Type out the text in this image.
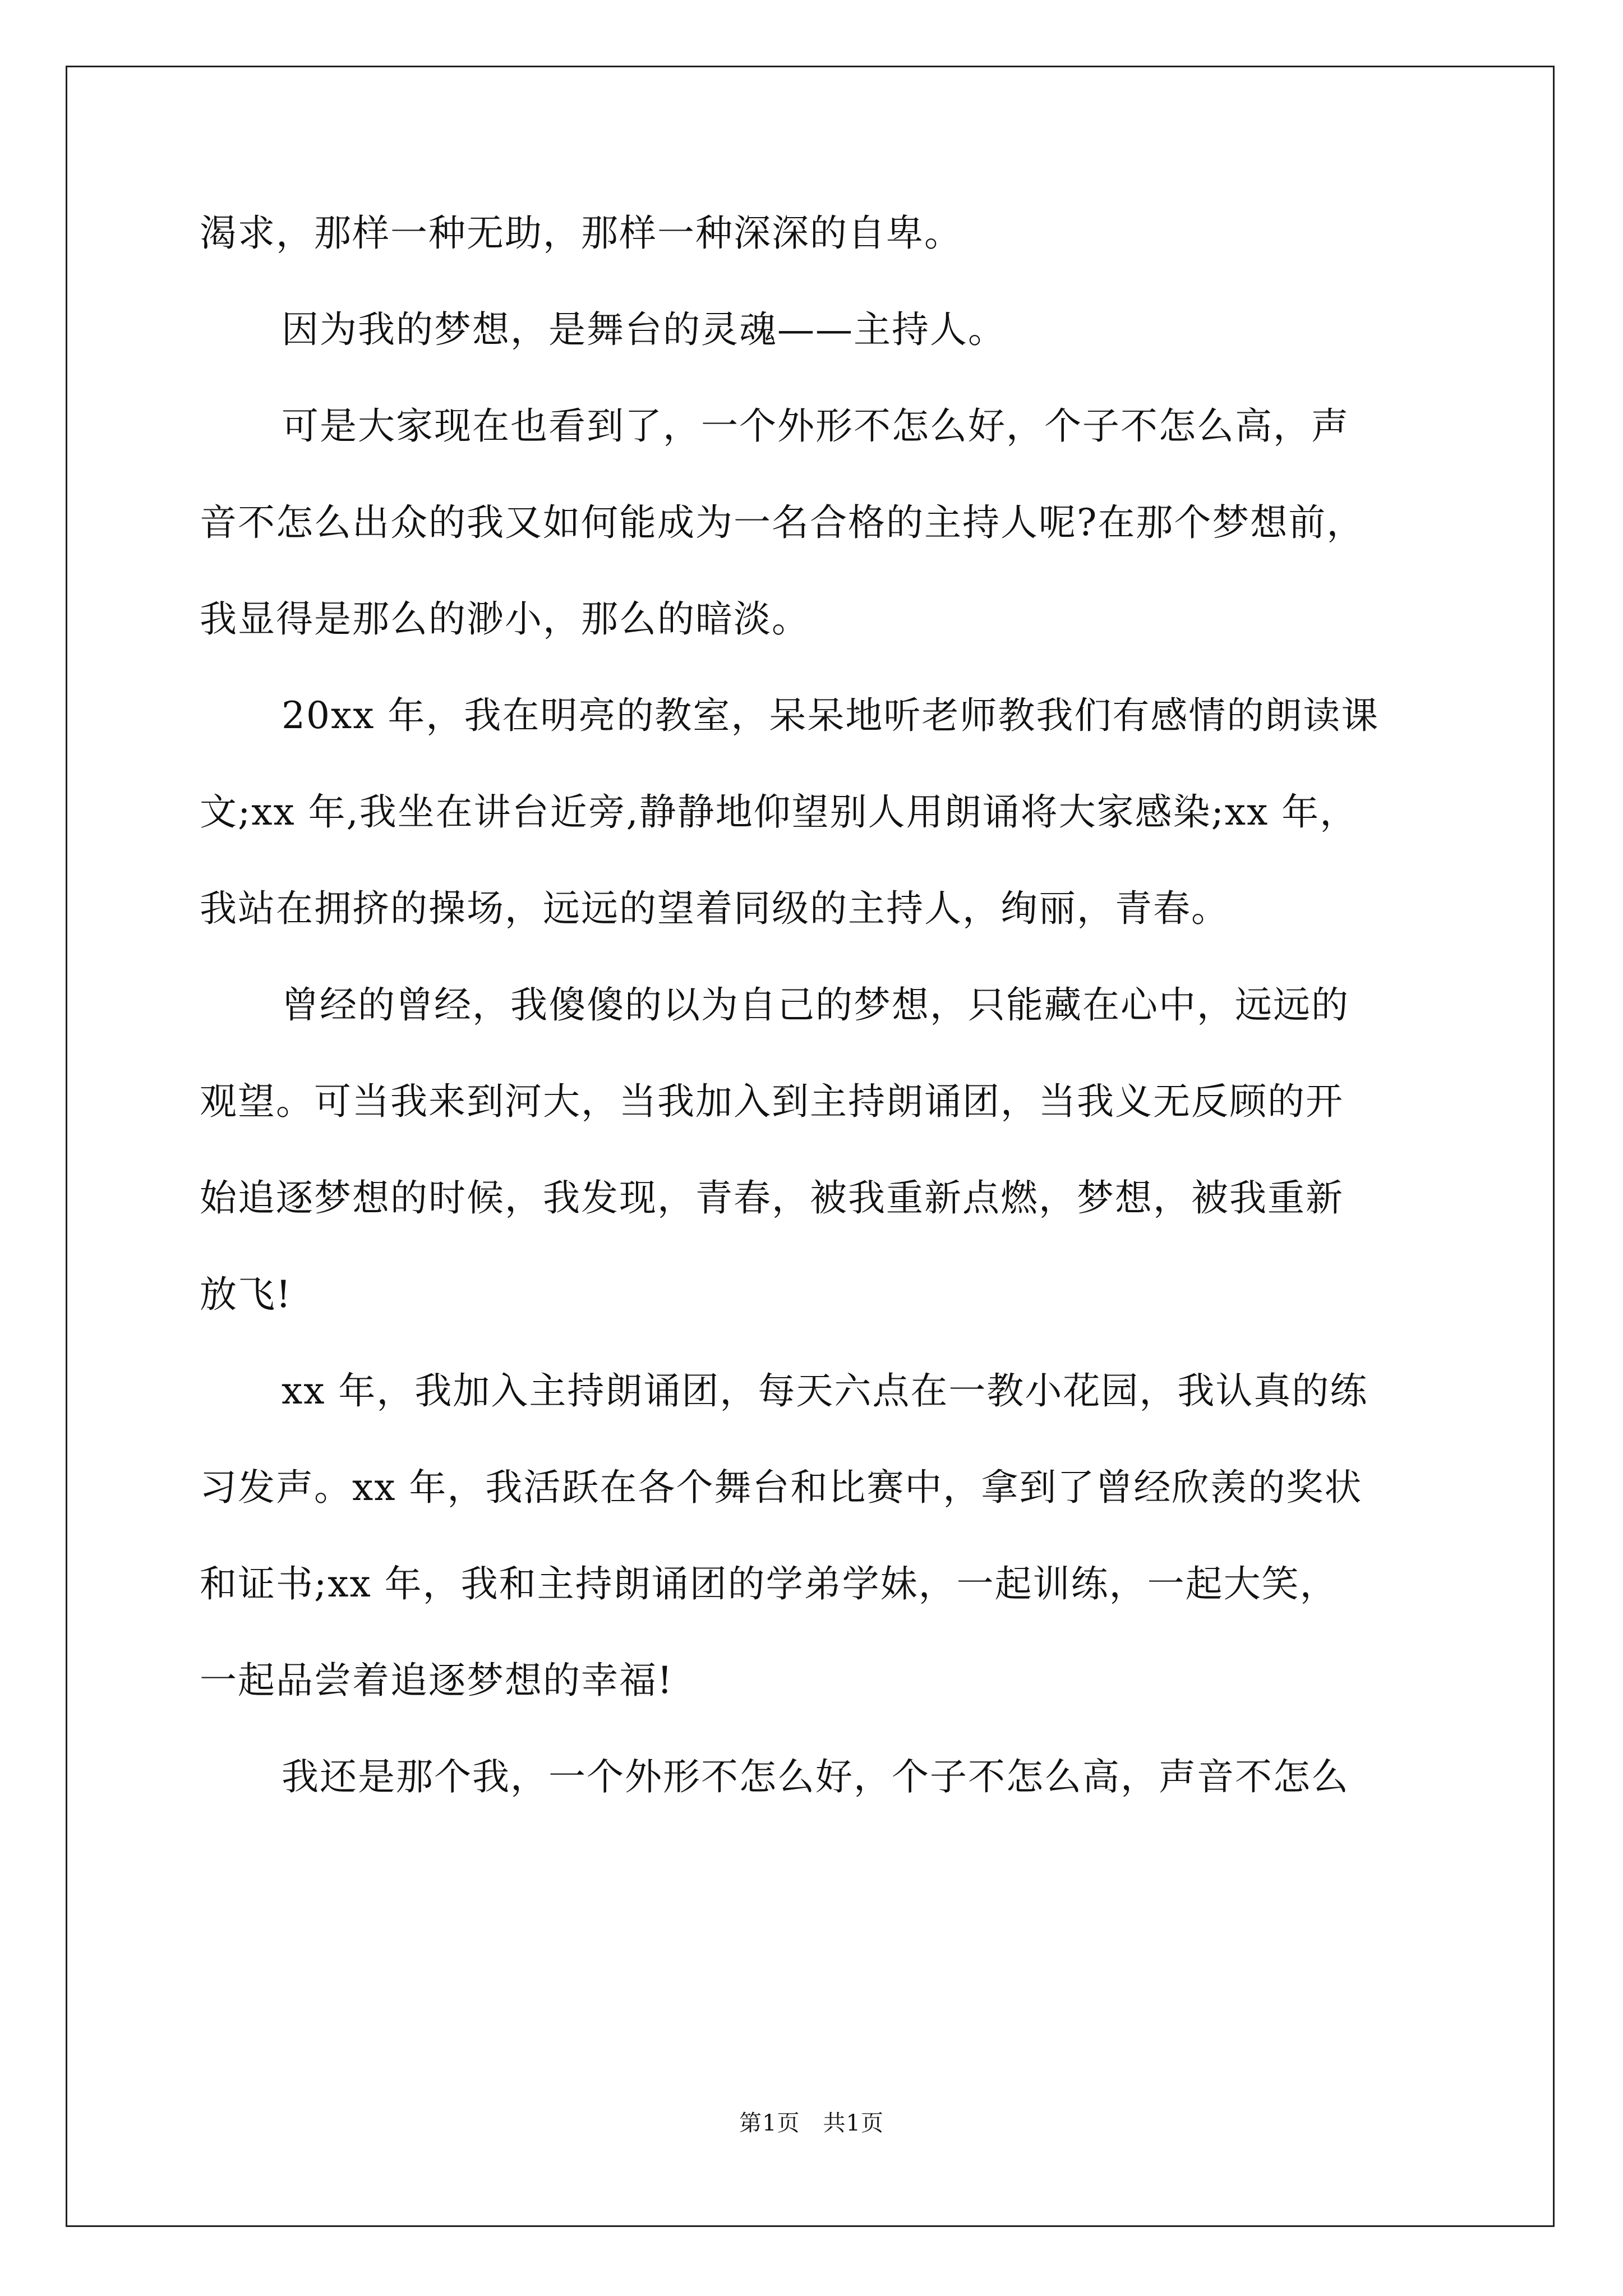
渴求，那样一种无助，那样一种深深的自卑。
因为我的梦想，是舞台的灵魂——主持人。
可是大家现在也看到了，一个外形不怎么好，个子不怎么高，声
音不怎么出众的我又如何能成为一名合格的主持人呢?在那个梦想前，
我显得是那么的渺小，那么的暗淡。
20xx 年，我在明亮的教室，呆呆地听老师教我们有感情的朗读课
文;xx 年,我坐在讲台近旁,静静地仰望别人用朗诵将大家感染;xx 年，
我站在拥挤的操场，远远的望着同级的主持人，绚丽，青春。
曾经的曾经，我傻傻的以为自己的梦想，只能藏在心中，远远的
观望。可当我来到河大，当我加入到主持朗诵团，当我义无反顾的开
始追逐梦想的时候，我发现，青春，被我重新点燃，梦想，被我重新
放飞!
xx 年，我加入主持朗诵团，每天六点在一教小花园，我认真的练
习发声。xx 年，我活跃在各个舞台和比赛中，拿到了曾经欣羡的奖状
和证书;xx 年，我和主持朗诵团的学弟学妹，一起训练，一起大笑，
一起品尝着追逐梦想的幸福!
我还是那个我，一个外形不怎么好，个子不怎么高，声音不怎么
第1页　共1页
